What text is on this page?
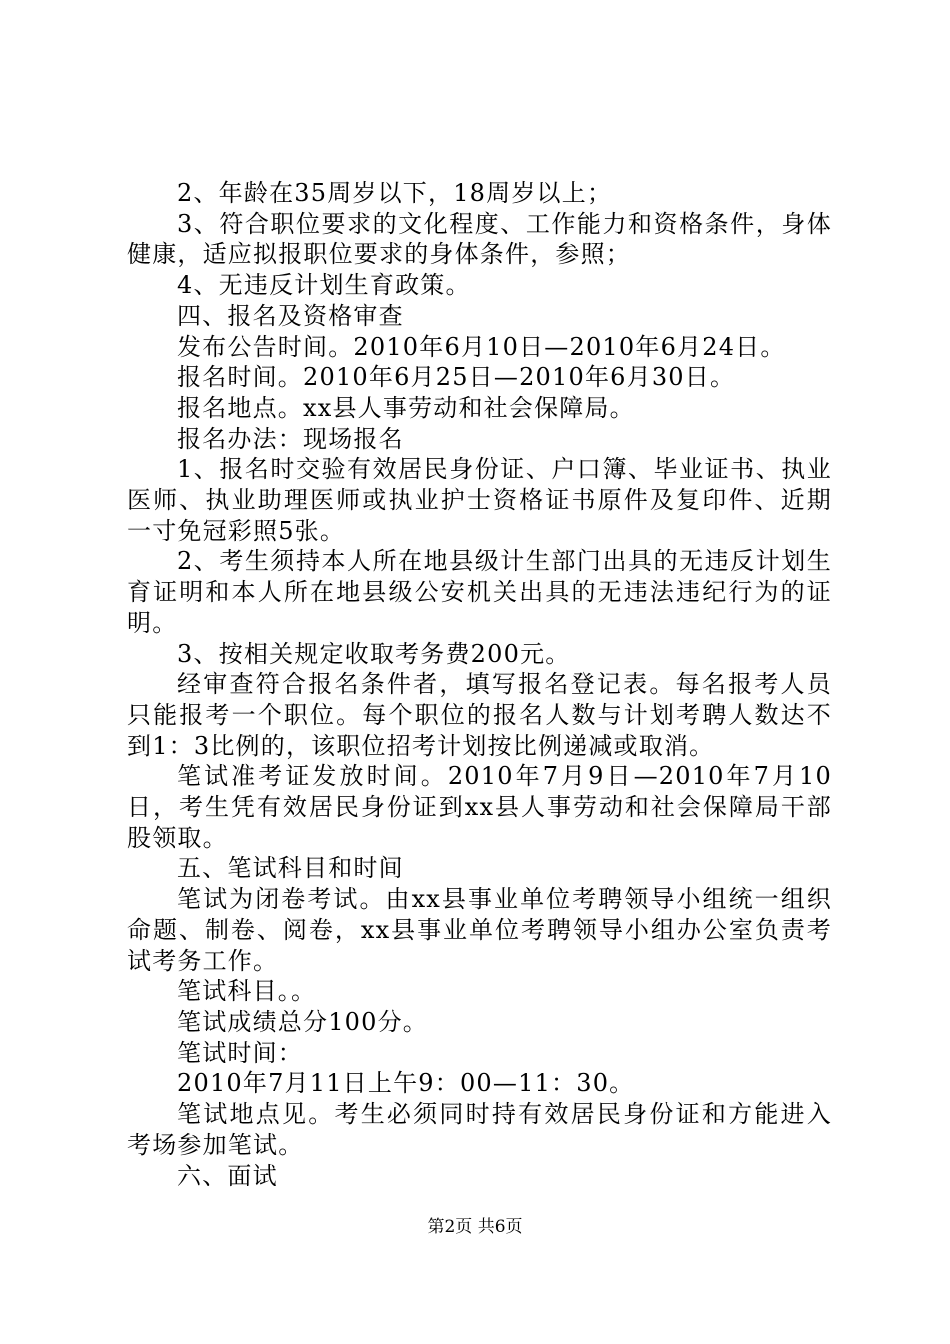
2、年龄在35周岁以下，18周岁以上；

3、符合职位要求的文化程度、工作能力和资格条件，身体健康，适应拟报职位要求的身体条件，参照；

4、无违反计划生育政策。

四、报名及资格审查

发布公告时间。2010年6月10日—2010年6月24日。

报名时间。2010年6月25日—2010年6月30日。

报名地点。xx县人事劳动和社会保障局。

报名办法：现场报名

1、报名时交验有效居民身份证、户口簿、毕业证书、执业医师、执业助理医师或执业护士资格证书原件及复印件、近期一寸免冠彩照5张。

2、考生须持本人所在地县级计生部门出具的无违反计划生育证明和本人所在地县级公安机关出具的无违法违纪行为的证明。

3、按相关规定收取考务费200元。

经审查符合报名条件者，填写报名登记表。每名报考人员只能报考一个职位。每个职位的报名人数与计划考聘人数达不到1：3比例的，该职位招考计划按比例递减或取消。

笔试准考证发放时间。2010年7月9日—2010年7月10日，考生凭有效居民身份证到xx县人事劳动和社会保障局干部股领取。

五、笔试科目和时间

笔试为闭卷考试。由xx县事业单位考聘领导小组统一组织命题、制卷、阅卷，xx县事业单位考聘领导小组办公室负责考试考务工作。

笔试科目。。

笔试成绩总分100分。

笔试时间：

2010年7月11日上午9：00—11：30。

笔试地点见。考生必须同时持有效居民身份证和方能进入考场参加笔试。

六、面试

第2页 共6页
